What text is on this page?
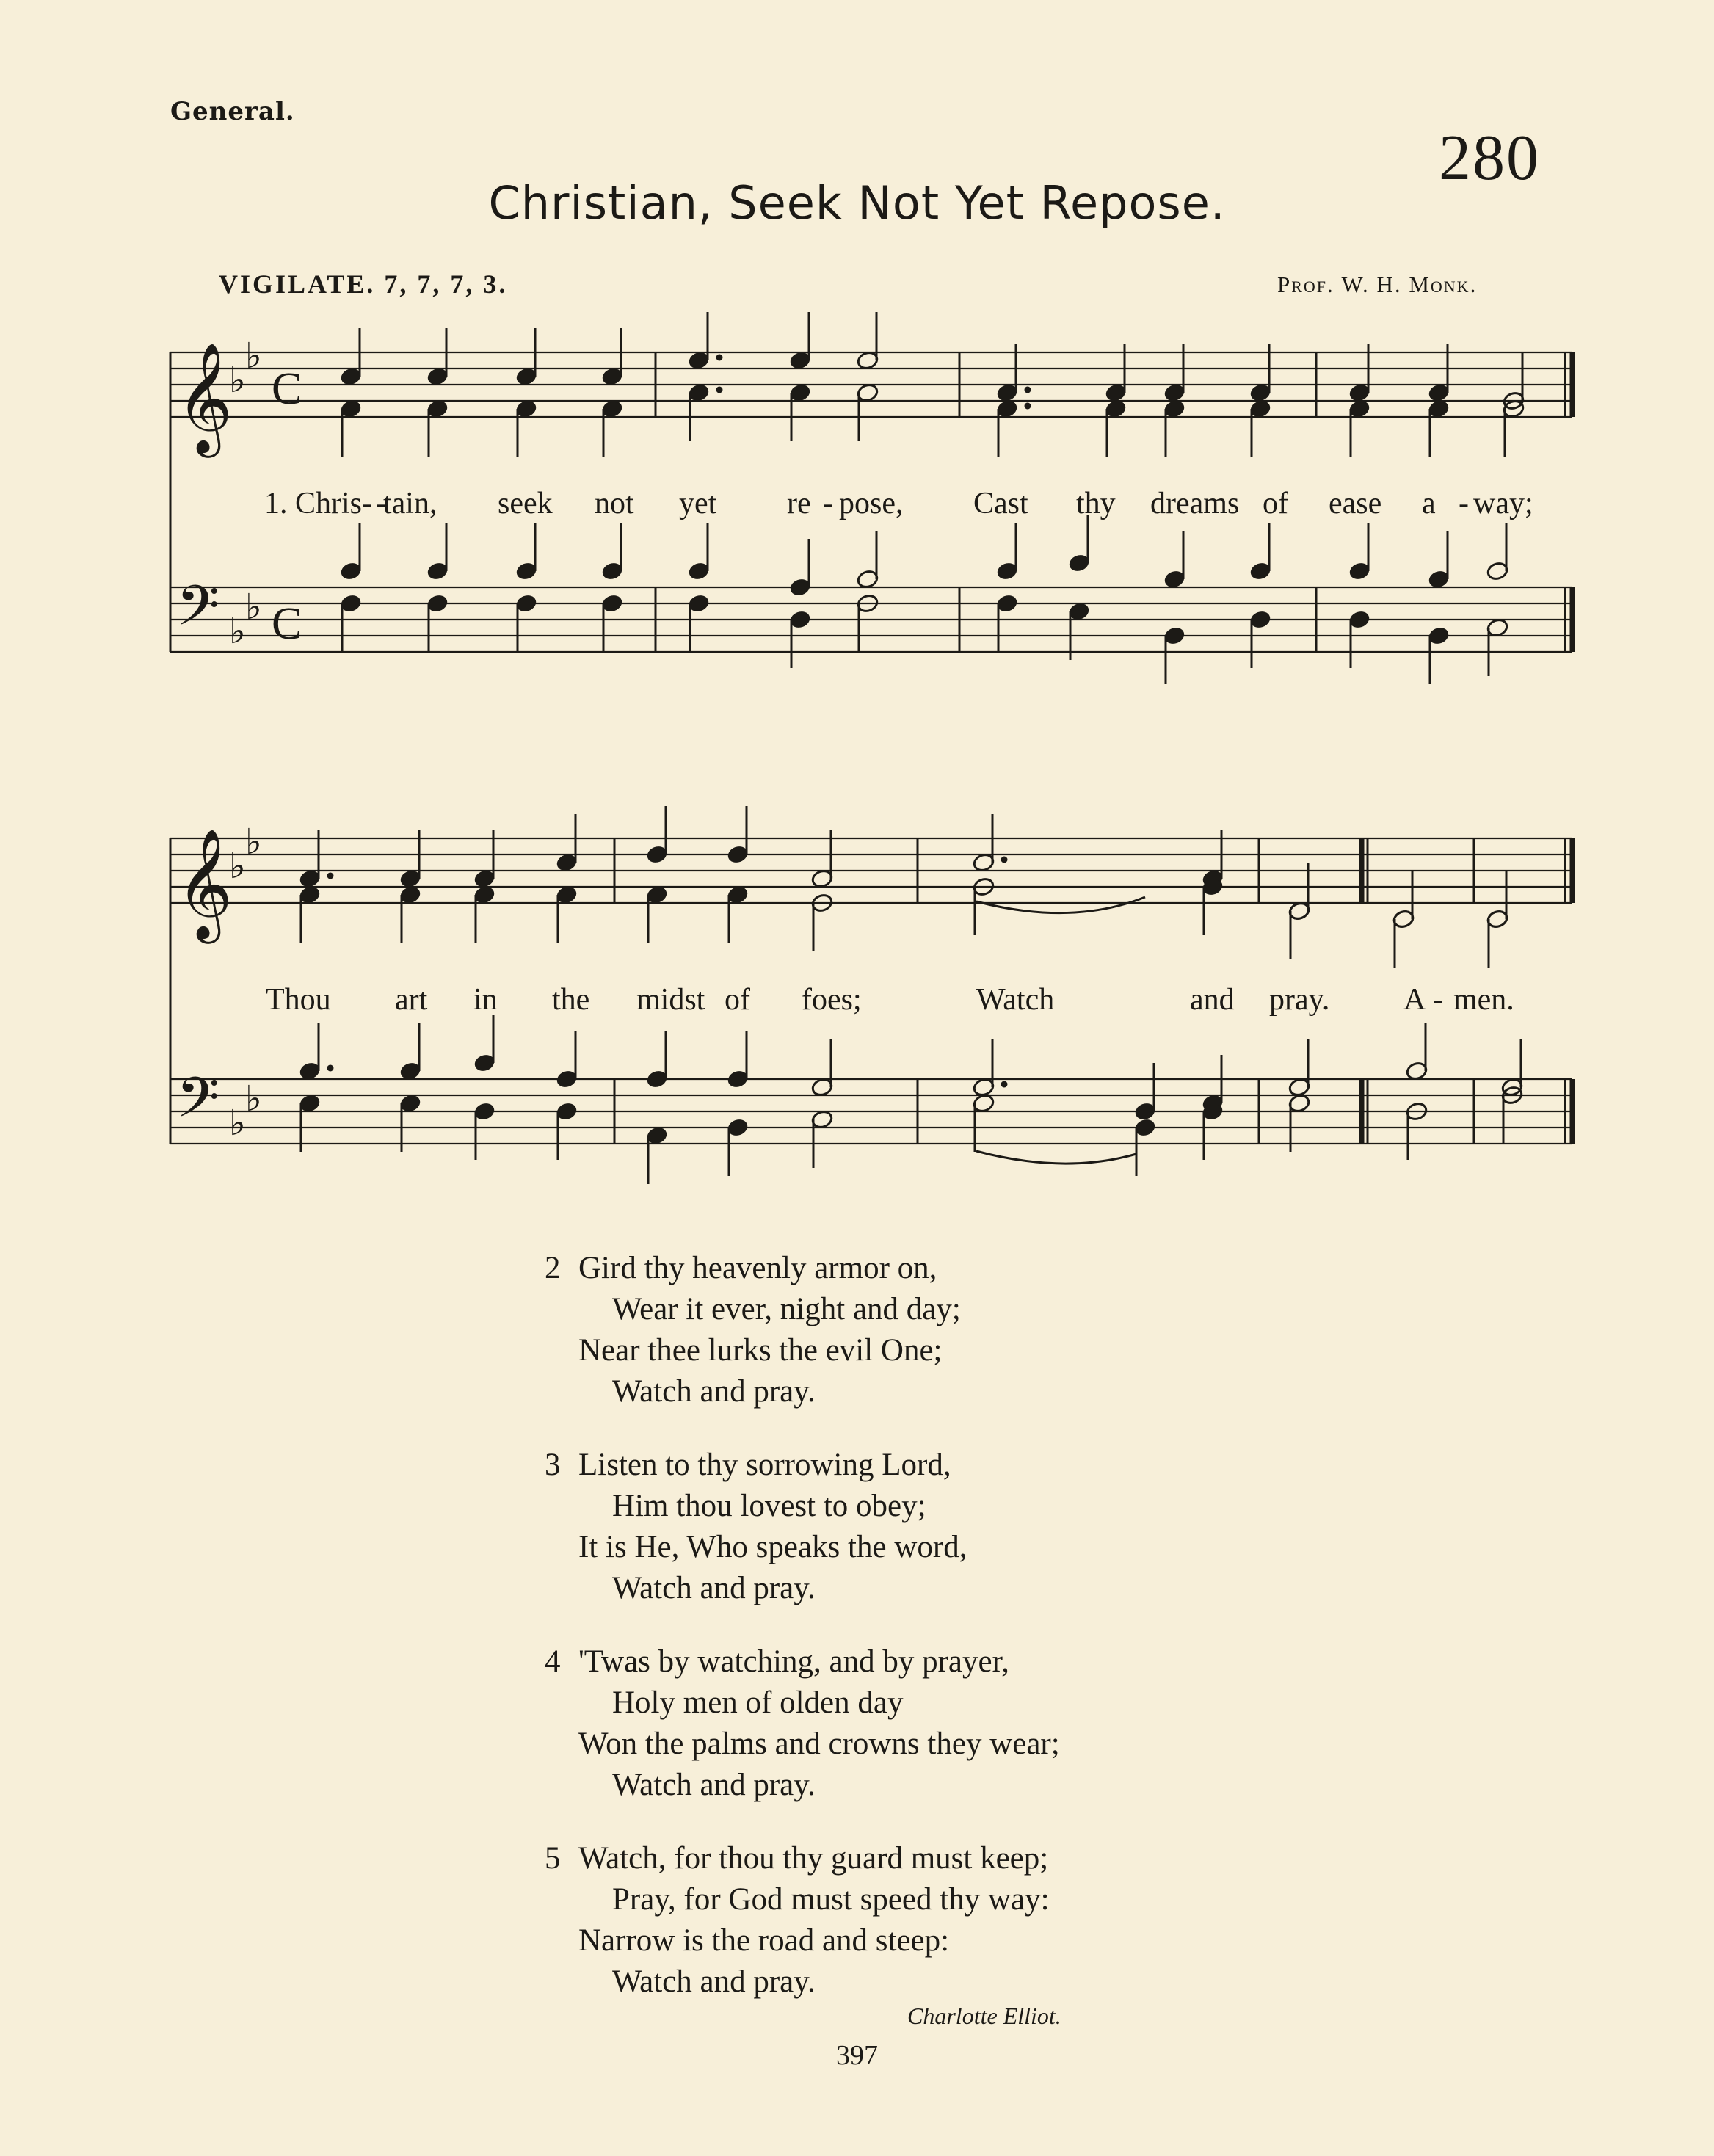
General.
280
Christian, Seek Not Yet Repose.
VIGILATE. 7, 7, 7, 3.	Prof. W. H. Monk.
𝄞
♭
♭
C
𝄢 ♭
♭ C
𝄞
♭
♭
𝄢 ♭
♭
1. Chris- -
tain, seek not yet re - pose, Cast thy dreams of ease a - way;
Thou art in the midst of foes;	Watch	and pray. A - men.
2 Gird thy heavenly armor on,
Wear it ever, night and day;
Near thee lurks the evil One;
Watch and pray.
3 Listen to thy sorrowing Lord,
Him thou lovest to obey;
It is He, Who speaks the word,
Watch and pray.
4 'Twas by watching, and by prayer,
Holy men of olden day
Won the palms and crowns they wear;
Watch and pray.
5 Watch, for thou thy guard must keep;
Pray, for God must speed thy way:
Narrow is the road and steep:
Watch and pray.
Charlotte Elliot.
397
